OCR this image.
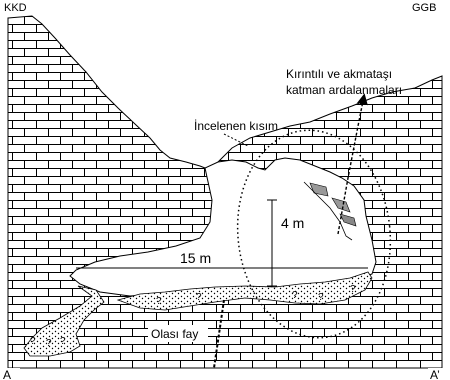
?	?	? ?
?
? ? ?
KKD	GGB
A	A’
Kırıntılı ve akmataşı
katman ardalanmaları
İncelenen kısım
4 m
15 m
Olası fay
